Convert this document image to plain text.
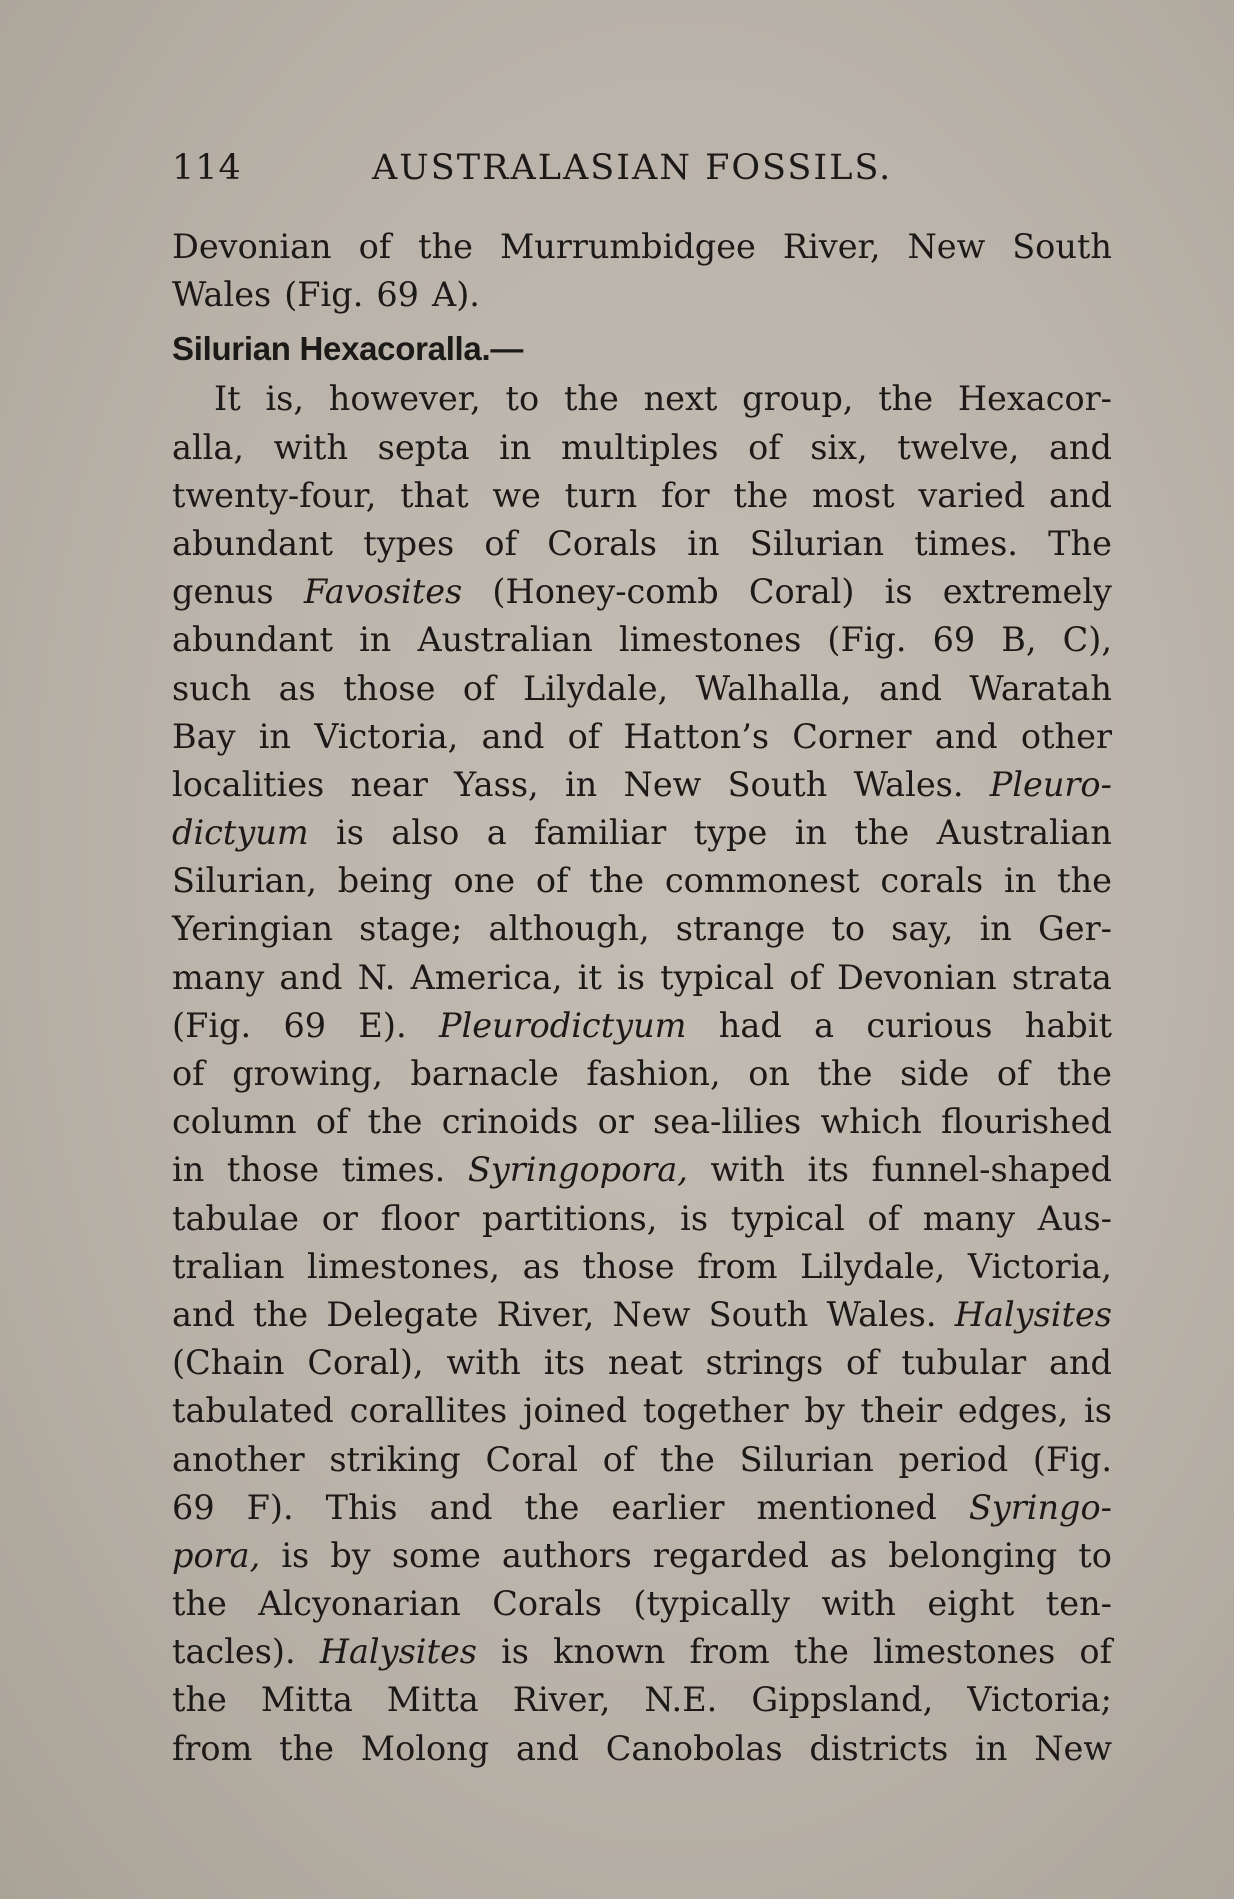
114	AUSTRALASIAN FOSSILS.
Devonian of the Murrumbidgee River, New South
Wales (Fig. 69 A).
Silurian Hexacoralla.—
It is, however, to the next group, the Hexacor-
alla, with septa in multiples of six, twelve, and
twenty-four, that we turn for the most varied and
abundant types of Corals in Silurian times. The
genus Favosites (Honey-comb Coral) is extremely
abundant in Australian limestones (Fig. 69 B, C),
such as those of Lilydale, Walhalla, and Waratah
Bay in Victoria, and of Hatton’s Corner and other
localities near Yass, in New South Wales. Pleuro-
dictyum is also a familiar type in the Australian
Silurian, being one of the commonest corals in the
Yeringian stage; although, strange to say, in Ger-
many and N. America, it is typical of Devonian strata
(Fig. 69 E). Pleurodictyum had a curious habit
of growing, barnacle fashion, on the side of the
column of the crinoids or sea-lilies which flourished
in those times. Syringopora, with its funnel-shaped
tabulae or floor partitions, is typical of many Aus-
tralian limestones, as those from Lilydale, Victoria,
and the Delegate River, New South Wales. Halysites
(Chain Coral), with its neat strings of tubular and
tabulated corallites joined together by their edges, is
another striking Coral of the Silurian period (Fig.
69 F). This and the earlier mentioned Syringo-
pora, is by some authors regarded as belonging to
the Alcyonarian Corals (typically with eight ten-
tacles). Halysites is known from the limestones of
the Mitta Mitta River, N.E. Gippsland, Victoria;
from the Molong and Canobolas districts in New
